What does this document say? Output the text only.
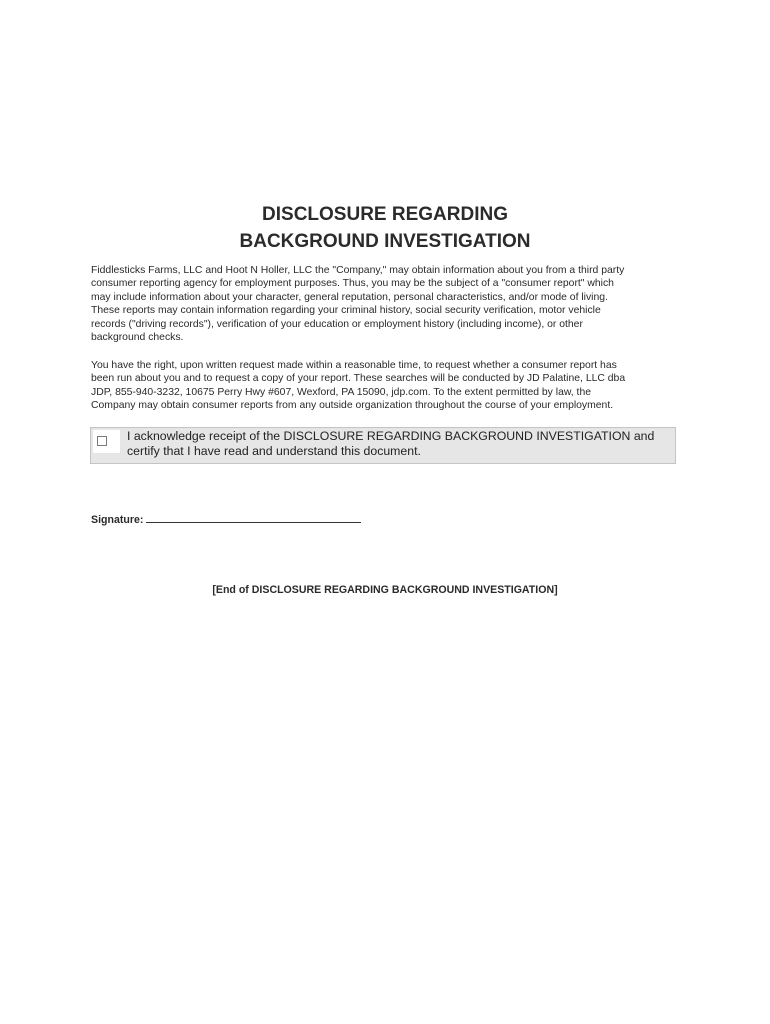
DISCLOSURE REGARDING
BACKGROUND INVESTIGATION

Fiddlesticks Farms, LLC and Hoot N Holler, LLC the "Company," may obtain information about you from a third party
consumer reporting agency for employment purposes. Thus, you may be the subject of a "consumer report" which
may include information about your character, general reputation, personal characteristics, and/or mode of living.
These reports may contain information regarding your criminal history, social security verification, motor vehicle
records ("driving records"), verification of your education or employment history (including income), or other
background checks.

You have the right, upon written request made within a reasonable time, to request whether a consumer report has
been run about you and to request a copy of your report. These searches will be conducted by JD Palatine, LLC dba
JDP, 855-940-3232, 10675 Perry Hwy #607, Wexford, PA 15090, jdp.com. To the extent permitted by law, the
Company may obtain consumer reports from any outside organization throughout the course of your employment.

I acknowledge receipt of the DISCLOSURE REGARDING BACKGROUND INVESTIGATION and
certify that I have read and understand this document.

Signature:
[End of DISCLOSURE REGARDING BACKGROUND INVESTIGATION]
